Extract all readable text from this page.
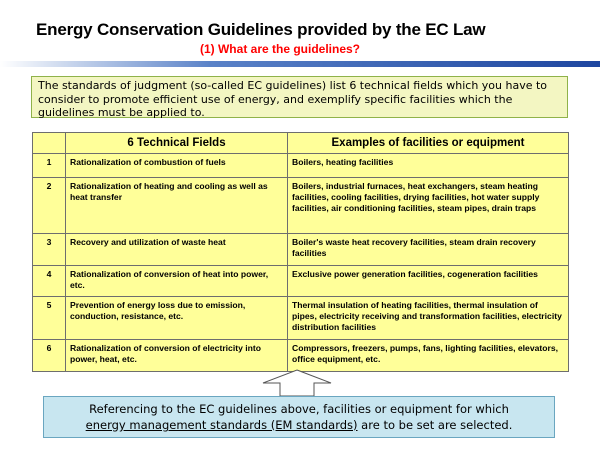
Energy Conservation Guidelines provided by the EC Law
(1) What are the guidelines?
The standards of judgment (so-called EC guidelines) list 6 technical fields which you have to consider to promote efficient use of energy, and exemplify specific facilities which the guidelines must be applied to.
	6 Technical Fields	Examples of facilities or equipment
1	Rationalization of combustion of fuels	Boilers, heating facilities
2	Rationalization of heating and cooling as well as heat transfer	Boilers, industrial furnaces, heat exchangers, steam heating facilities, cooling facilities, drying facilities, hot water supply facilities, air conditioning facilities, steam pipes, drain traps
3	Recovery and utilization of waste heat	Boiler's waste heat recovery facilities, steam drain recovery facilities
4	Rationalization of conversion of heat into power, etc.	Exclusive power generation facilities, cogeneration facilities
5	Prevention of energy loss due to emission, conduction, resistance, etc.	Thermal insulation of heating facilities, thermal insulation of pipes, electricity receiving and transformation facilities, electricity distribution facilities
6	Rationalization of conversion of electricity into power, heat, etc.	Compressors, freezers, pumps, fans, lighting facilities, elevators, office equipment, etc.
Referencing to the EC guidelines above, facilities or equipment for which
energy management standards (EM standards) are to be set are selected.
